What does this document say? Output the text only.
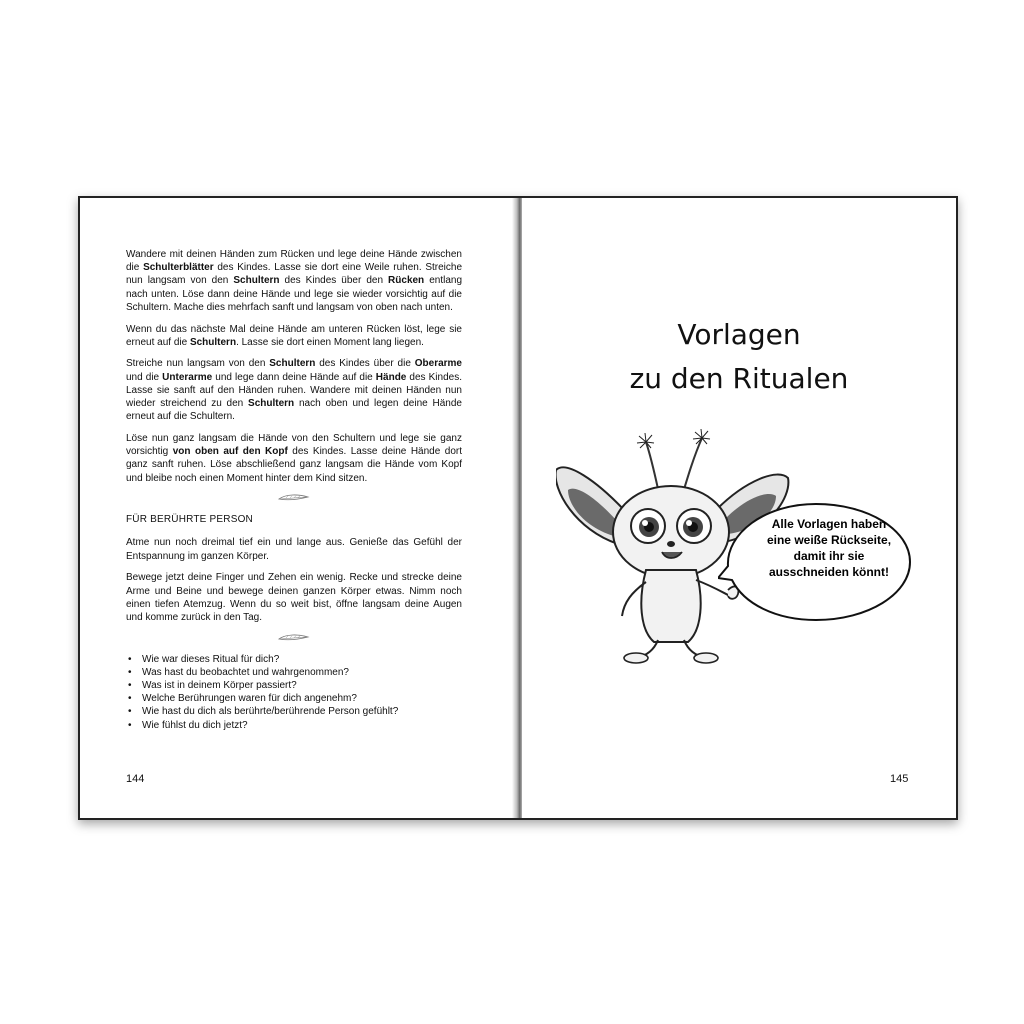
Wandere mit deinen Händen zum Rücken und lege deine Hände zwischen die Schulterblätter des Kindes. Lasse sie dort eine Weile ruhen. Streiche nun langsam von den Schultern des Kindes über den Rücken entlang nach unten. Löse dann deine Hände und lege sie wieder vorsichtig auf die Schultern. Mache dies mehrfach sanft und langsam von oben nach unten.

Wenn du das nächste Mal deine Hände am unteren Rücken löst, lege sie erneut auf die Schultern. Lasse sie dort einen Moment lang liegen.

Streiche nun langsam von den Schultern des Kindes über die Oberarme und die Unterarme und lege dann deine Hände auf die Hände des Kindes. Lasse sie sanft auf den Händen ruhen. Wandere mit deinen Händen nun wieder streichend zu den Schultern nach oben und legen deine Hände erneut auf die Schultern.

Löse nun ganz langsam die Hände von den Schultern und lege sie ganz vorsichtig von oben auf den Kopf des Kindes. Lasse deine Hände dort ganz sanft ruhen. Löse abschließend ganz langsam die Hände vom Kopf und bleibe noch einen Moment hinter dem Kind sitzen.

FÜR BERÜHRTE PERSON

Atme nun noch dreimal tief ein und lange aus. Genieße das Gefühl der Entspannung im ganzen Körper.

Bewege jetzt deine Finger und Zehen ein wenig. Recke und strecke deine Arme und Beine und bewege deinen ganzen Körper etwas. Nimm noch einen tiefen Atemzug. Wenn du so weit bist, öffne langsam deine Augen und komme zurück in den Tag.

• Wie war dieses Ritual für dich?
• Was hast du beobachtet und wahrgenommen?
• Was ist in deinem Körper passiert?
• Welche Berührungen waren für dich angenehm?
• Wie hast du dich als berührte/berührende Person gefühlt?
• Wie fühlst du dich jetzt?
144
Vorlagen
zu den Ritualen
Alle Vorlagen haben
eine weiße Rückseite,
damit ihr sie
ausschneiden könnt!
145
